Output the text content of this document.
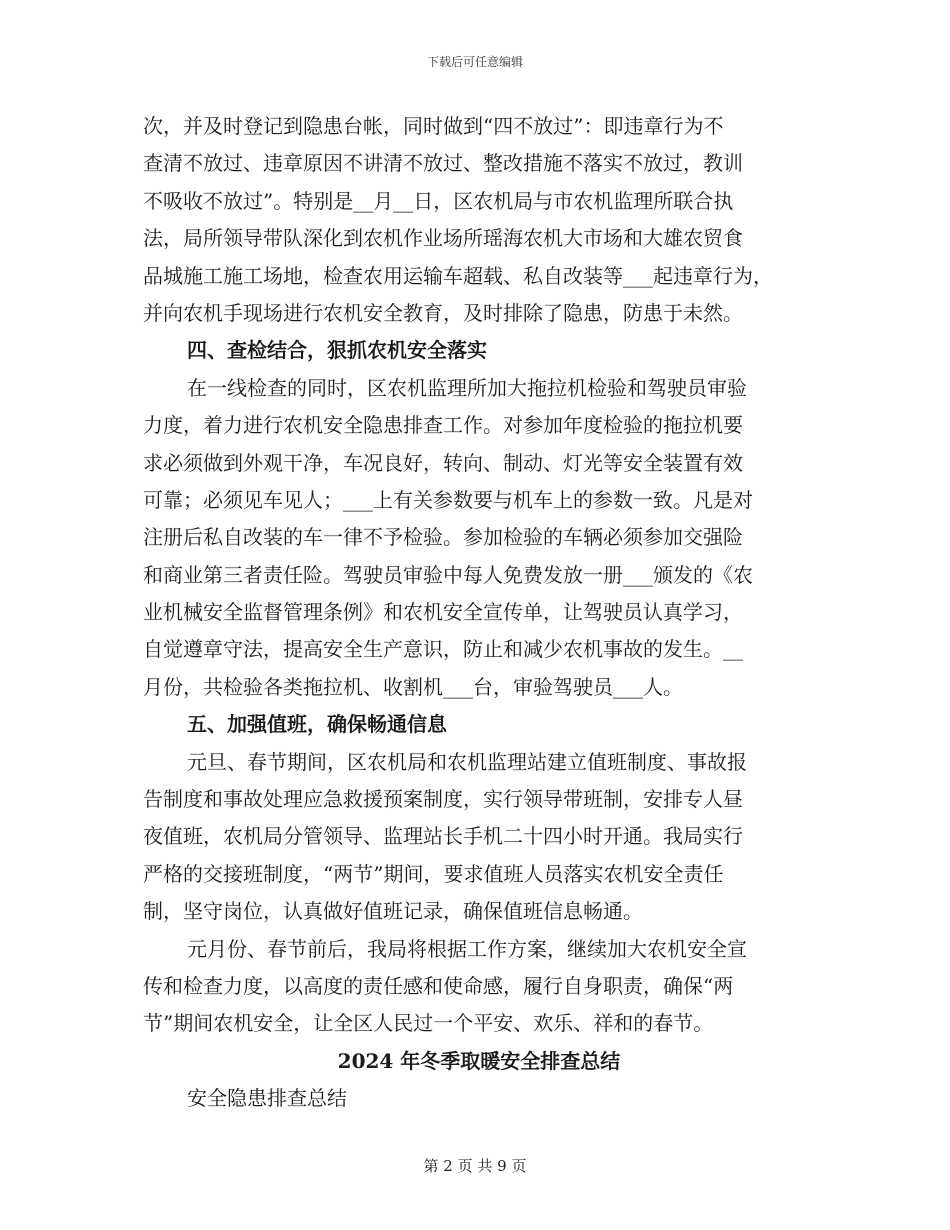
下载后可任意编辑
次，并及时登记到隐患台帐，同时做到“四不放过”：即违章行为不
查清不放过、违章原因不讲清不放过、整改措施不落实不放过，教训
不吸收不放过”。特别是__月__日，区农机局与市农机监理所联合执
法，局所领导带队深化到农机作业场所瑶海农机大市场和大雄农贸食
品城施工施工场地，检查农用运输车超载、私自改装等___起违章行为，
并向农机手现场进行农机安全教育，及时排除了隐患，防患于未然。
四、查检结合，狠抓农机安全落实
在一线检查的同时，区农机监理所加大拖拉机检验和驾驶员审验
力度，着力进行农机安全隐患排查工作。对参加年度检验的拖拉机要
求必须做到外观干净，车况良好，转向、制动、灯光等安全装置有效
可靠；必须见车见人；___上有关参数要与机车上的参数一致。凡是对
注册后私自改装的车一律不予检验。参加检验的车辆必须参加交强险
和商业第三者责任险。驾驶员审验中每人免费发放一册___颁发的《农
业机械安全监督管理条例》和农机安全宣传单，让驾驶员认真学习，
自觉遵章守法，提高安全生产意识，防止和减少农机事故的发生。__
月份，共检验各类拖拉机、收割机___台，审验驾驶员___人。
五、加强值班，确保畅通信息
元旦、春节期间，区农机局和农机监理站建立值班制度、事故报
告制度和事故处理应急救援预案制度，实行领导带班制，安排专人昼
夜值班，农机局分管领导、监理站长手机二十四小时开通。我局实行
严格的交接班制度，“两节”期间，要求值班人员落实农机安全责任
制，坚守岗位，认真做好值班记录，确保值班信息畅通。
元月份、春节前后，我局将根据工作方案，继续加大农机安全宣
传和检查力度，以高度的责任感和使命感，履行自身职责，确保“两
节”期间农机安全，让全区人民过一个平安、欢乐、祥和的春节。
2024 年冬季取暖安全排查总结
安全隐患排查总结
第 2 页 共 9 页
